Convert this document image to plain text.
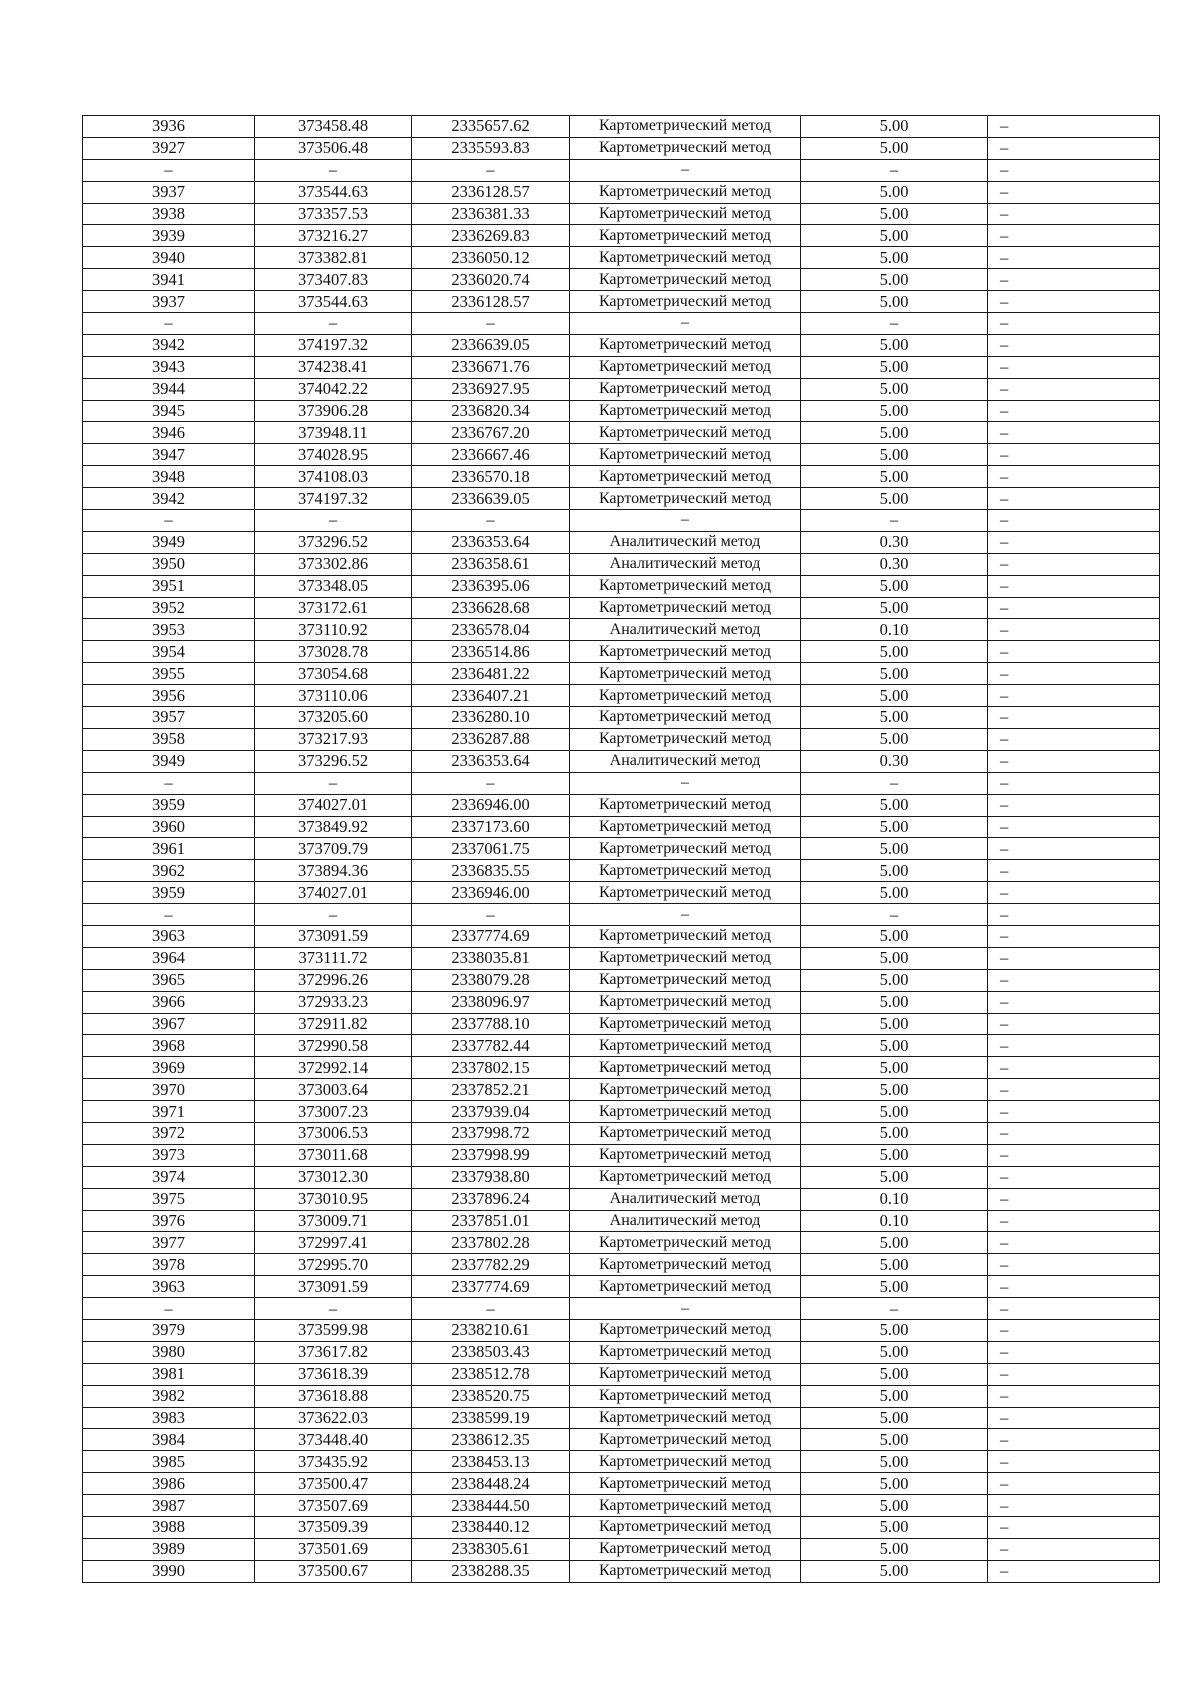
3936	373458.48	2335657.62	Картометрический метод	5.00	–
3927	373506.48	2335593.83	Картометрический метод	5.00	–
–	–	–	–	–	–
3937	373544.63	2336128.57	Картометрический метод	5.00	–
3938	373357.53	2336381.33	Картометрический метод	5.00	–
3939	373216.27	2336269.83	Картометрический метод	5.00	–
3940	373382.81	2336050.12	Картометрический метод	5.00	–
3941	373407.83	2336020.74	Картометрический метод	5.00	–
3937	373544.63	2336128.57	Картометрический метод	5.00	–
–	–	–	–	–	–
3942	374197.32	2336639.05	Картометрический метод	5.00	–
3943	374238.41	2336671.76	Картометрический метод	5.00	–
3944	374042.22	2336927.95	Картометрический метод	5.00	–
3945	373906.28	2336820.34	Картометрический метод	5.00	–
3946	373948.11	2336767.20	Картометрический метод	5.00	–
3947	374028.95	2336667.46	Картометрический метод	5.00	–
3948	374108.03	2336570.18	Картометрический метод	5.00	–
3942	374197.32	2336639.05	Картометрический метод	5.00	–
–	–	–	–	–	–
3949	373296.52	2336353.64	Аналитический метод	0.30	–
3950	373302.86	2336358.61	Аналитический метод	0.30	–
3951	373348.05	2336395.06	Картометрический метод	5.00	–
3952	373172.61	2336628.68	Картометрический метод	5.00	–
3953	373110.92	2336578.04	Аналитический метод	0.10	–
3954	373028.78	2336514.86	Картометрический метод	5.00	–
3955	373054.68	2336481.22	Картометрический метод	5.00	–
3956	373110.06	2336407.21	Картометрический метод	5.00	–
3957	373205.60	2336280.10	Картометрический метод	5.00	–
3958	373217.93	2336287.88	Картометрический метод	5.00	–
3949	373296.52	2336353.64	Аналитический метод	0.30	–
–	–	–	–	–	–
3959	374027.01	2336946.00	Картометрический метод	5.00	–
3960	373849.92	2337173.60	Картометрический метод	5.00	–
3961	373709.79	2337061.75	Картометрический метод	5.00	–
3962	373894.36	2336835.55	Картометрический метод	5.00	–
3959	374027.01	2336946.00	Картометрический метод	5.00	–
–	–	–	–	–	–
3963	373091.59	2337774.69	Картометрический метод	5.00	–
3964	373111.72	2338035.81	Картометрический метод	5.00	–
3965	372996.26	2338079.28	Картометрический метод	5.00	–
3966	372933.23	2338096.97	Картометрический метод	5.00	–
3967	372911.82	2337788.10	Картометрический метод	5.00	–
3968	372990.58	2337782.44	Картометрический метод	5.00	–
3969	372992.14	2337802.15	Картометрический метод	5.00	–
3970	373003.64	2337852.21	Картометрический метод	5.00	–
3971	373007.23	2337939.04	Картометрический метод	5.00	–
3972	373006.53	2337998.72	Картометрический метод	5.00	–
3973	373011.68	2337998.99	Картометрический метод	5.00	–
3974	373012.30	2337938.80	Картометрический метод	5.00	–
3975	373010.95	2337896.24	Аналитический метод	0.10	–
3976	373009.71	2337851.01	Аналитический метод	0.10	–
3977	372997.41	2337802.28	Картометрический метод	5.00	–
3978	372995.70	2337782.29	Картометрический метод	5.00	–
3963	373091.59	2337774.69	Картометрический метод	5.00	–
–	–	–	–	–	–
3979	373599.98	2338210.61	Картометрический метод	5.00	–
3980	373617.82	2338503.43	Картометрический метод	5.00	–
3981	373618.39	2338512.78	Картометрический метод	5.00	–
3982	373618.88	2338520.75	Картометрический метод	5.00	–
3983	373622.03	2338599.19	Картометрический метод	5.00	–
3984	373448.40	2338612.35	Картометрический метод	5.00	–
3985	373435.92	2338453.13	Картометрический метод	5.00	–
3986	373500.47	2338448.24	Картометрический метод	5.00	–
3987	373507.69	2338444.50	Картометрический метод	5.00	–
3988	373509.39	2338440.12	Картометрический метод	5.00	–
3989	373501.69	2338305.61	Картометрический метод	5.00	–
3990	373500.67	2338288.35	Картометрический метод	5.00	–
